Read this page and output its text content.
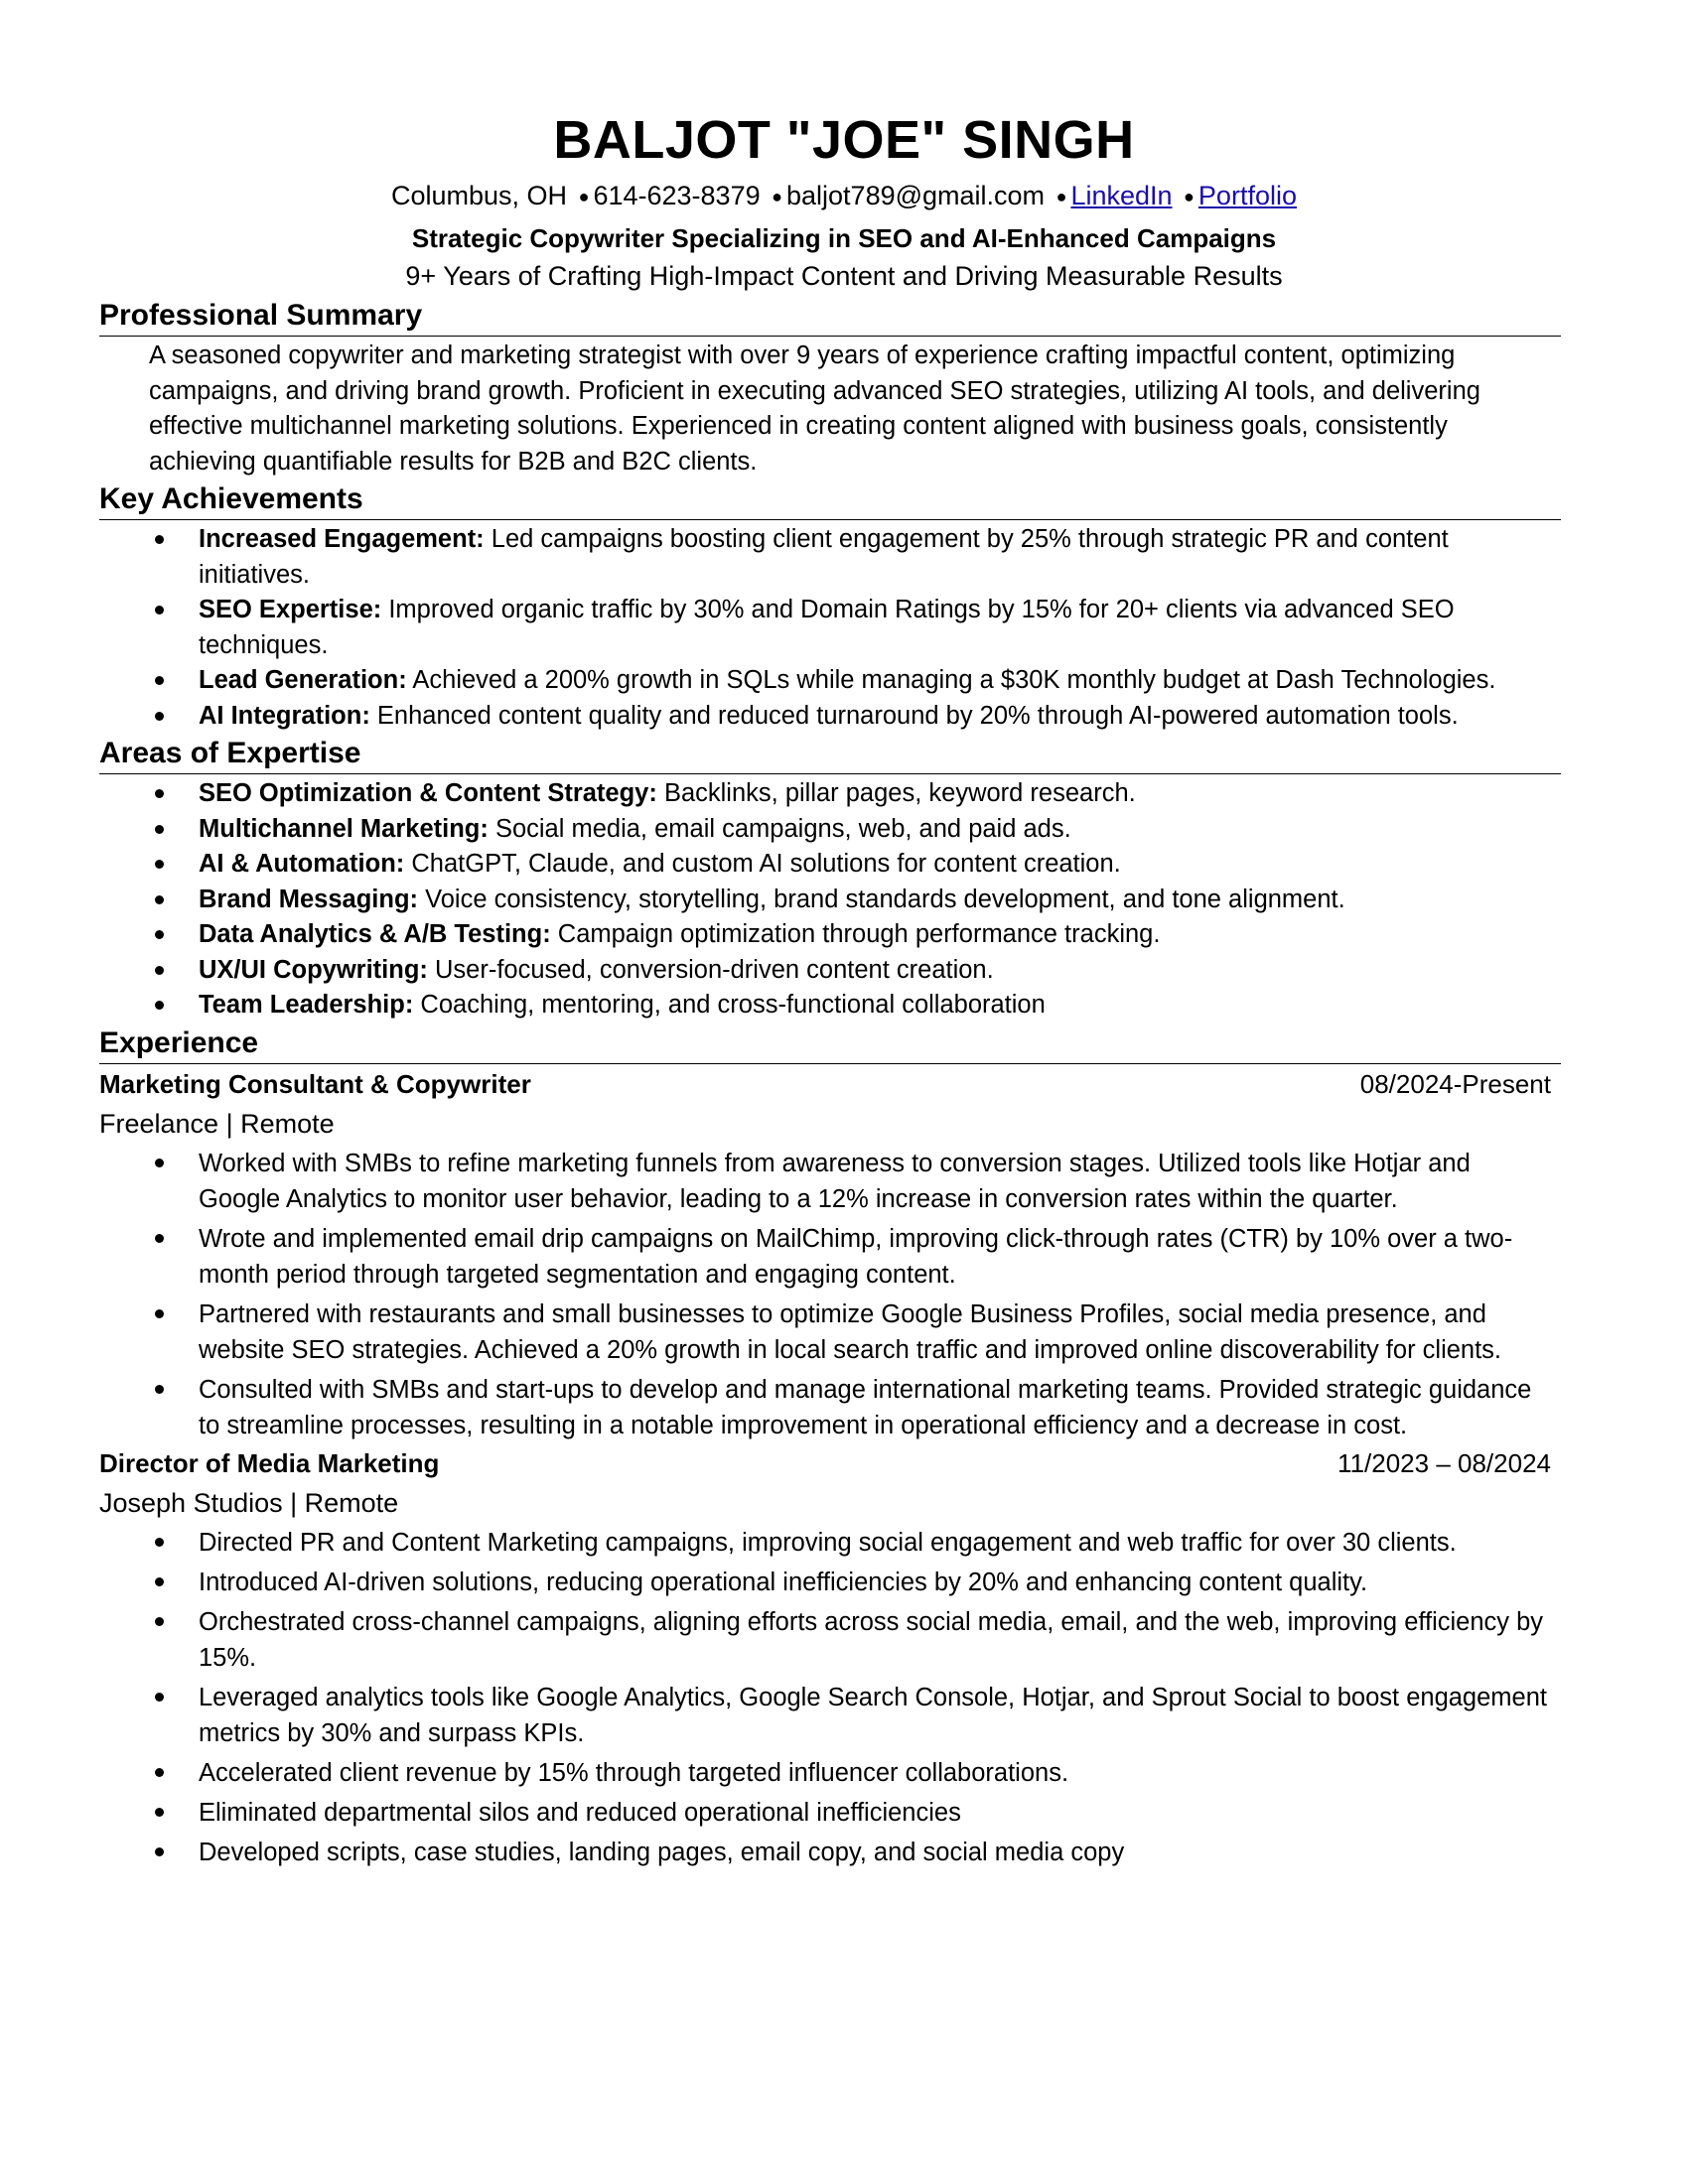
BALJOT "JOE" SINGH
Columbus, OH ● 614-623-8379 ● baljot789@gmail.com ● LinkedIn ● Portfolio
Strategic Copywriter Specializing in SEO and AI-Enhanced Campaigns
9+ Years of Crafting High-Impact Content and Driving Measurable Results
Professional Summary
A seasoned copywriter and marketing strategist with over 9 years of experience crafting impactful content, optimizing campaigns, and driving brand growth. Proficient in executing advanced SEO strategies, utilizing AI tools, and delivering effective multichannel marketing solutions. Experienced in creating content aligned with business goals, consistently achieving quantifiable results for B2B and B2C clients.
Key Achievements
Increased Engagement: Led campaigns boosting client engagement by 25% through strategic PR and content initiatives.
SEO Expertise: Improved organic traffic by 30% and Domain Ratings by 15% for 20+ clients via advanced SEO techniques.
Lead Generation: Achieved a 200% growth in SQLs while managing a $30K monthly budget at Dash Technologies.
AI Integration: Enhanced content quality and reduced turnaround by 20% through AI-powered automation tools.
Areas of Expertise
SEO Optimization & Content Strategy: Backlinks, pillar pages, keyword research.
Multichannel Marketing: Social media, email campaigns, web, and paid ads.
AI & Automation: ChatGPT, Claude, and custom AI solutions for content creation.
Brand Messaging: Voice consistency, storytelling, brand standards development, and tone alignment.
Data Analytics & A/B Testing: Campaign optimization through performance tracking.
UX/UI Copywriting: User-focused, conversion-driven content creation.
Team Leadership: Coaching, mentoring, and cross-functional collaboration
Experience
Marketing Consultant & Copywriter	08/2024-Present
Freelance | Remote
Worked with SMBs to refine marketing funnels from awareness to conversion stages. Utilized tools like Hotjar and Google Analytics to monitor user behavior, leading to a 12% increase in conversion rates within the quarter.
Wrote and implemented email drip campaigns on MailChimp, improving click-through rates (CTR) by 10% over a two-month period through targeted segmentation and engaging content.
Partnered with restaurants and small businesses to optimize Google Business Profiles, social media presence, and website SEO strategies. Achieved a 20% growth in local search traffic and improved online discoverability for clients.
Consulted with SMBs and start-ups to develop and manage international marketing teams. Provided strategic guidance to streamline processes, resulting in a notable improvement in operational efficiency and a decrease in cost.
Director of Media Marketing	11/2023 – 08/2024
Joseph Studios | Remote
Directed PR and Content Marketing campaigns, improving social engagement and web traffic for over 30 clients.
Introduced AI-driven solutions, reducing operational inefficiencies by 20% and enhancing content quality.
Orchestrated cross-channel campaigns, aligning efforts across social media, email, and the web, improving efficiency by 15%.
Leveraged analytics tools like Google Analytics, Google Search Console, Hotjar, and Sprout Social to boost engagement metrics by 30% and surpass KPIs.
Accelerated client revenue by 15% through targeted influencer collaborations.
Eliminated departmental silos and reduced operational inefficiencies
Developed scripts, case studies, landing pages, email copy, and social media copy
